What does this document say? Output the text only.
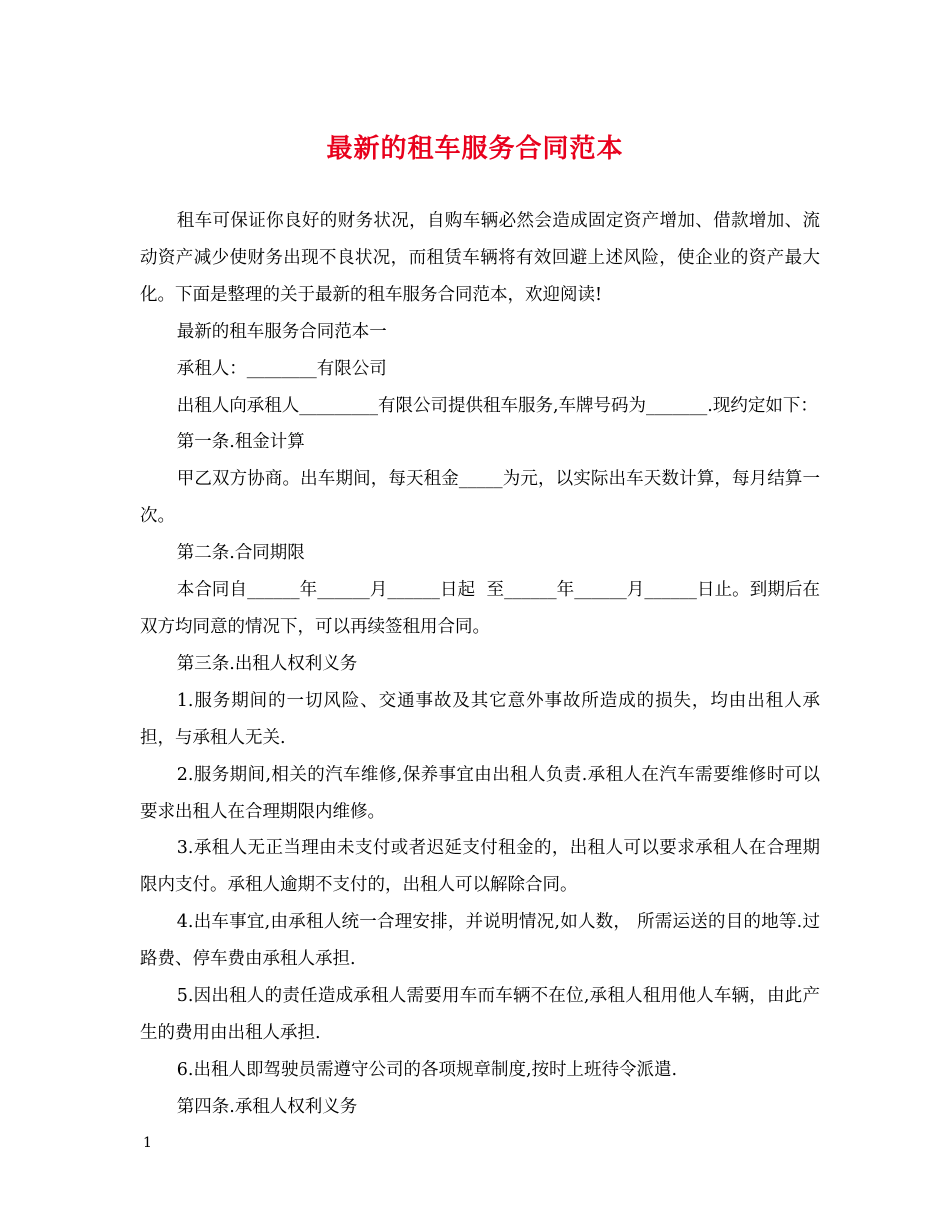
最新的租车服务合同范本

租车可保证你良好的财务状况，自购车辆必然会造成固定资产增加、借款增加、流动资产减少使财务出现不良状况，而租赁车辆将有效回避上述风险，使企业的资产最大化。下面是整理的关于最新的租车服务合同范本，欢迎阅读!

最新的租车服务合同范本一

承租人：________有限公司

出租人向承租人_________有限公司提供租车服务,车牌号码为_______.现约定如下：

第一条.租金计算

甲乙双方协商。出车期间，每天租金_____为元，以实际出车天数计算，每月结算一次。

第二条.合同期限

本合同自______年______月______日起  至______年______月______日止。到期后在双方均同意的情况下，可以再续签租用合同。

第三条.出租人权利义务

1.服务期间的一切风险、交通事故及其它意外事故所造成的损失，均由出租人承担，与承租人无关.

2.服务期间,相关的汽车维修,保养事宜由出租人负责.承租人在汽车需要维修时可以要求出租人在合理期限内维修。

3.承租人无正当理由未支付或者迟延支付租金的，出租人可以要求承租人在合理期限内支付。承租人逾期不支付的，出租人可以解除合同。

4.出车事宜,由承租人统一合理安排，并说明情况,如人数， 所需运送的目的地等.过路费、停车费由承租人承担.

5.因出租人的责任造成承租人需要用车而车辆不在位,承租人租用他人车辆，由此产生的费用由出租人承担.

6.出租人即驾驶员需遵守公司的各项规章制度,按时上班待令派遣.

第四条.承租人权利义务

1
